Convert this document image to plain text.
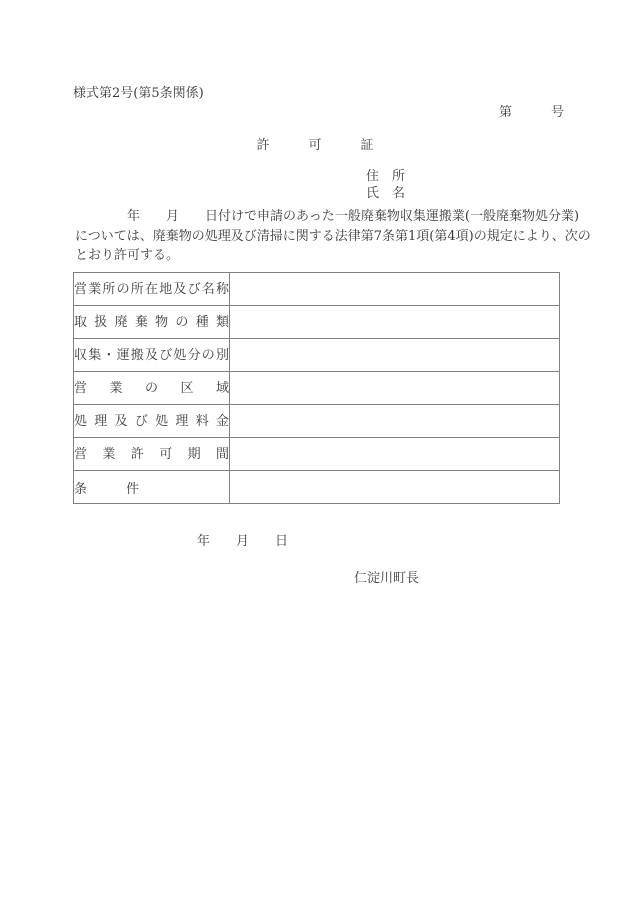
様式第2号(第5条関係)
第　　　号
許　　　可　　　証
住　所
氏　名
　　　　年　　月　　日付けで申請のあった一般廃棄物収集運搬業(一般廃棄物処分業)
については、廃棄物の処理及び清掃に関する法律第7条第1項(第4項)の規定により、次の
とおり許可する。
営業所の所在地及び名称	
取扱廃棄物の種類	
収集・運搬及び処分の別	
営業の区域	
処理及び処理料金	
営業許可期間	
条　　　件	
年　　月　　日
仁淀川町長
